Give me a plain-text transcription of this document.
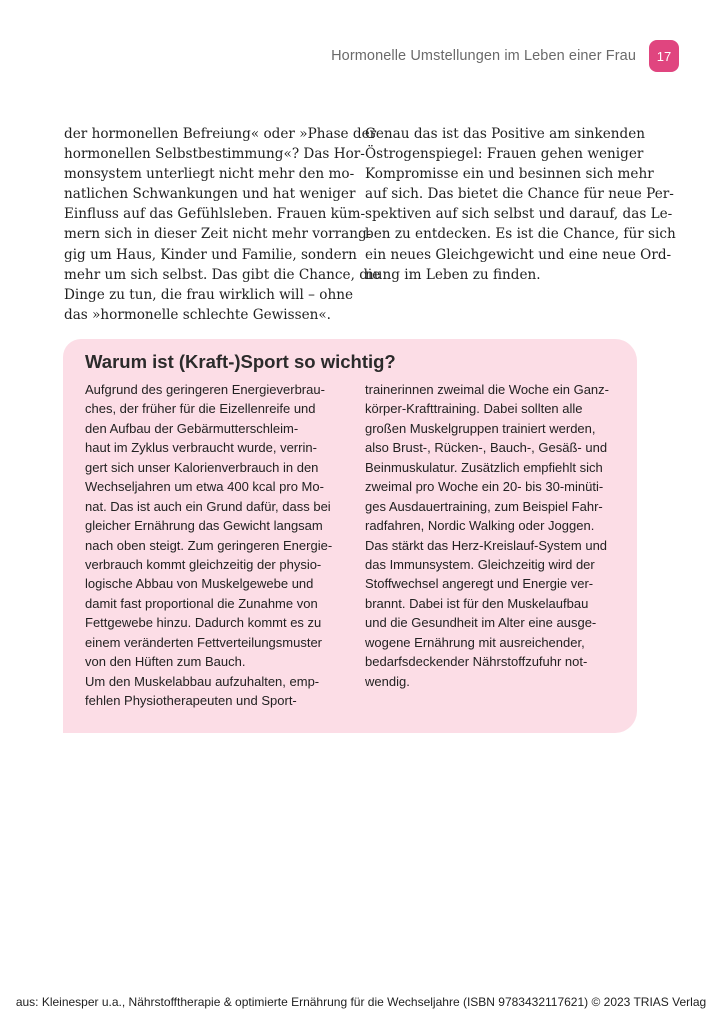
Hormonelle Umstellungen im Leben einer Frau 17
der hormonellen Befreiung« oder »Phase der
hormonellen Selbstbestimmung«? Das Hor-
monsystem unterliegt nicht mehr den mo-
natlichen Schwankungen und hat weniger
Einfluss auf das Gefühlsleben. Frauen küm-
mern sich in dieser Zeit nicht mehr vorrang-
gig um Haus, Kinder und Familie, sondern
mehr um sich selbst. Das gibt die Chance, die
Dinge zu tun, die frau wirklich will – ohne
das »hormonelle schlechte Gewissen«.
Genau das ist das Positive am sinkenden
Östrogenspiegel: Frauen gehen weniger
Kompromisse ein und besinnen sich mehr
auf sich. Das bietet die Chance für neue Per-
spektiven auf sich selbst und darauf, das Le-
ben zu entdecken. Es ist die Chance, für sich
ein neues Gleichgewicht und eine neue Ord-
nung im Leben zu finden.
Warum ist (Kraft-)Sport so wichtig?
Aufgrund des geringeren Energieverbrau-
ches, der früher für die Eizellenreife und
den Aufbau der Gebärmutterschleim-
haut im Zyklus verbraucht wurde, verrin-
gert sich unser Kalorienverbrauch in den
Wechseljahren um etwa 400 kcal pro Mo-
nat. Das ist auch ein Grund dafür, dass bei
gleicher Ernährung das Gewicht langsam
nach oben steigt. Zum geringeren Energie-
verbrauch kommt gleichzeitig der physio-
logische Abbau von Muskelgewebe und
damit fast proportional die Zunahme von
Fettgewebe hinzu. Dadurch kommt es zu
einem veränderten Fettverteilungsmuster
von den Hüften zum Bauch.
Um den Muskelabbau aufzuhalten, emp-
fehlen Physiotherapeuten und Sport-
trainerinnen zweimal die Woche ein Ganz-
körper-Krafttraining. Dabei sollten alle
großen Muskelgruppen trainiert werden,
also Brust-, Rücken-, Bauch-, Gesäß- und
Beinmuskulatur. Zusätzlich empfiehlt sich
zweimal pro Woche ein 20- bis 30-minüti-
ges Ausdauertraining, zum Beispiel Fahr-
radfahren, Nordic Walking oder Joggen.
Das stärkt das Herz-Kreislauf-System und
das Immunsystem. Gleichzeitig wird der
Stoffwechsel angeregt und Energie ver-
brannt. Dabei ist für den Muskelaufbau
und die Gesundheit im Alter eine ausge-
wogene Ernährung mit ausreichender,
bedarfsdeckender Nährstoffzufuhr not-
wendig.
aus: Kleinesper u.a., Nährstofftherapie & optimierte Ernährung für die Wechseljahre (ISBN 9783432117621) © 2023 TRIAS Verlag
